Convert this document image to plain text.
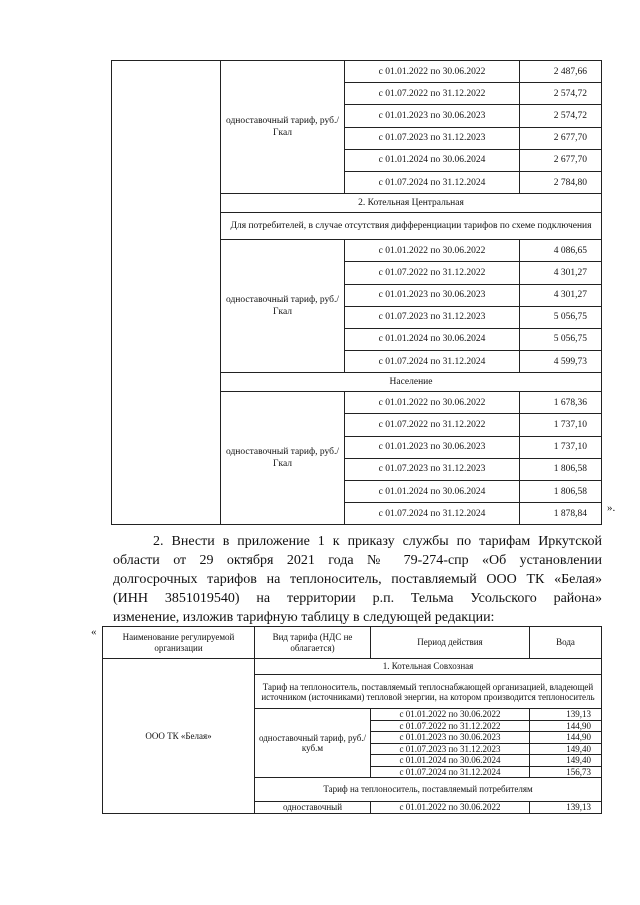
	одноставочный тариф, руб./Гкал	с 01.01.2022 по 30.06.2022	2 487,66
		с 01.07.2022 по 31.12.2022	2 574,72
		с 01.01.2023 по 30.06.2023	2 574,72
		с 01.07.2023 по 31.12.2023	2 677,70
		с 01.01.2024 по 30.06.2024	2 677,70
		с 01.07.2024 по 31.12.2024	2 784,80
	2. Котельная Центральная		
	Для потребителей, в случае отсутствия дифференциации тарифов по схеме подключения		
	одноставочный тариф, руб./Гкал	с 01.01.2022 по 30.06.2022	4 086,65
		с 01.07.2022 по 31.12.2022	4 301,27
		с 01.01.2023 по 30.06.2023	4 301,27
		с 01.07.2023 по 31.12.2023	5 056,75
		с 01.01.2024 по 30.06.2024	5 056,75
		с 01.07.2024 по 31.12.2024	4 599,73
	Население		
	одноставочный тариф, руб./Гкал	с 01.01.2022 по 30.06.2022	1 678,36
		с 01.07.2022 по 31.12.2022	1 737,10
		с 01.01.2023 по 30.06.2023	1 737,10
		с 01.07.2023 по 31.12.2023	1 806,58
		с 01.01.2024 по 30.06.2024	1 806,58
		с 01.07.2024 по 31.12.2024	1 878,84 ».
2. Внести в приложение 1 к приказу службы по тарифам Иркутской
области от 29 октября 2021 года № 79-274-спр «Об установлении
долгосрочных тарифов на теплоноситель, поставляемый ООО ТК «Белая»
(ИНН 3851019540) на территории р.п. Тельма Усольского района»
изменение, изложив тарифную таблицу в следующей редакции:
«	Наименование регулируемой организации	Вид тарифа (НДС не облагается)	Период действия	Вода
ООО ТК «Белая»	1. Котельная Совхозная		
	Тариф на теплоноситель, поставляемый теплоснабжающей организацией, владеющей источником (источниками) тепловой энергии, на котором производится теплоноситель		
	одноставочный тариф, руб./куб.м	с 01.01.2022 по 30.06.2022	139,13
		с 01.07.2022 по 31.12.2022	144,90
		с 01.01.2023 по 30.06.2023	144,90
		с 01.07.2023 по 31.12.2023	149,40
		с 01.01.2024 по 30.06.2024	149,40
		с 01.07.2024 по 31.12.2024	156,73
	Тариф на теплоноситель, поставляемый потребителям		
	одноставочный	с 01.01.2022 по 30.06.2022	139,13
